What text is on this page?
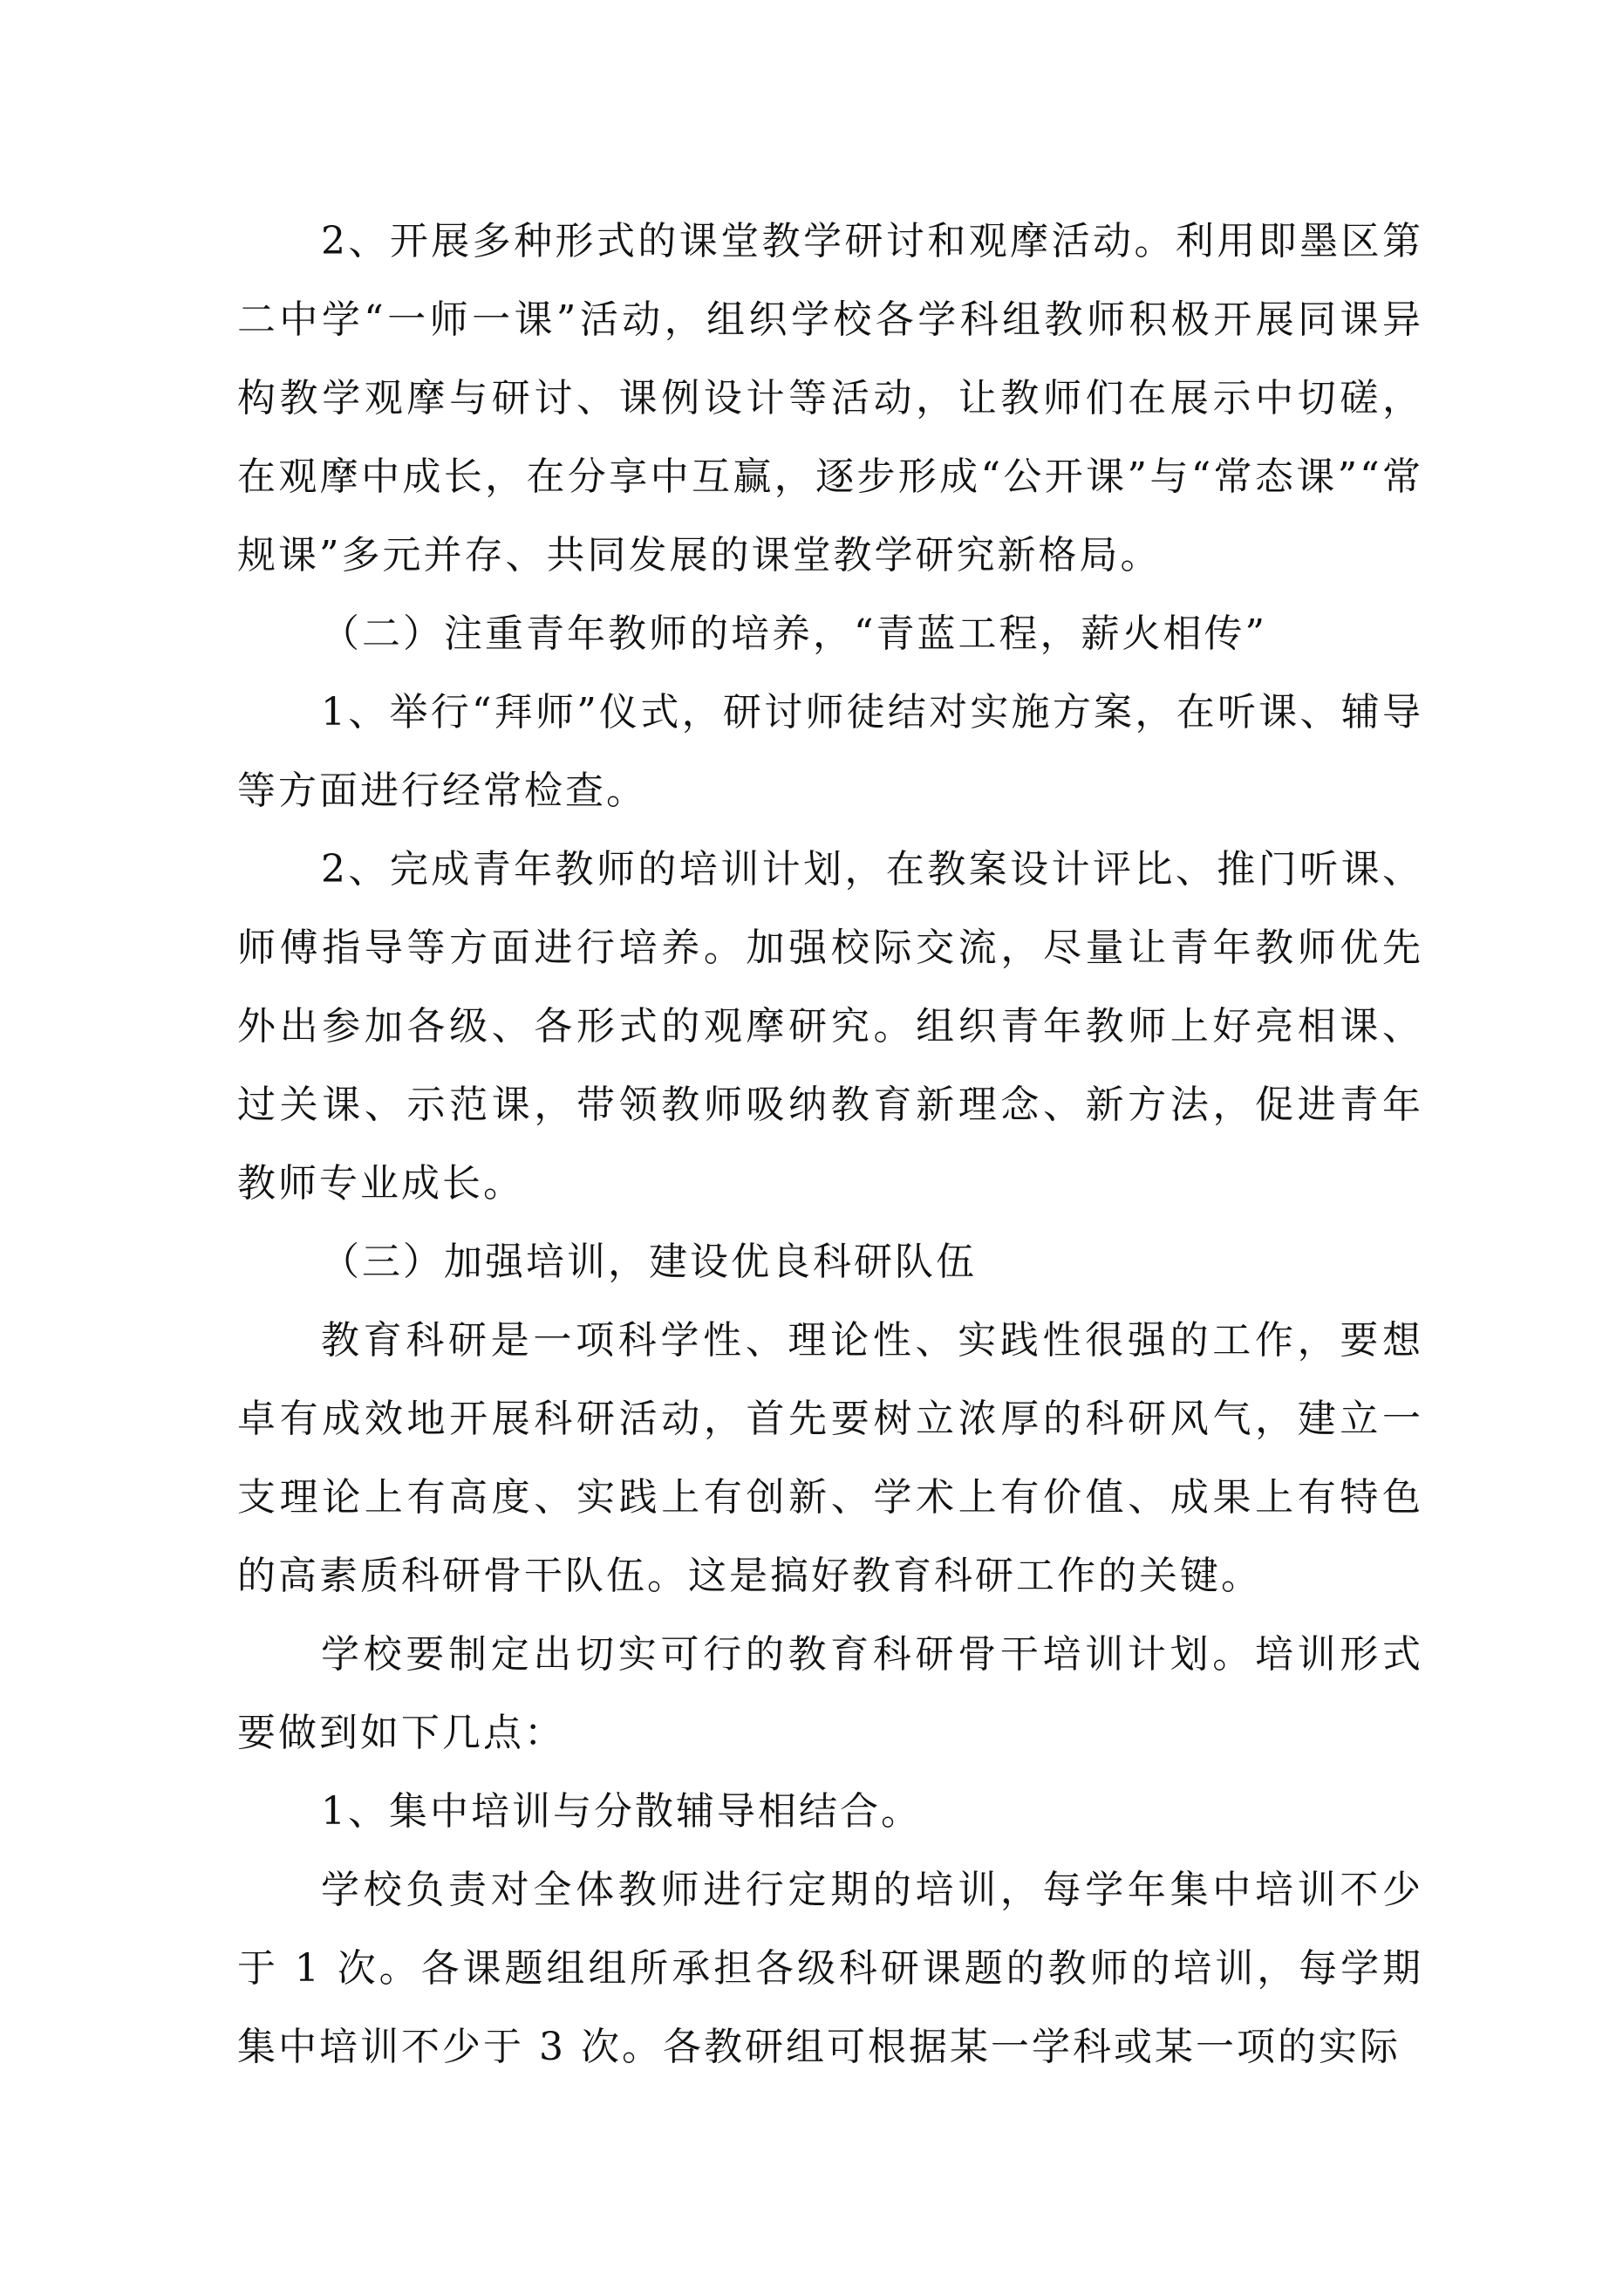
2、开展多种形式的课堂教学研讨和观摩活动。利用即墨区第二中学“一师一课”活动，组织学校各学科组教师积极开展同课异构教学观摩与研讨、课例设计等活动，让教师们在展示中切磋，在观摩中成长，在分享中互赢，逐步形成“公开课”与“常态课”“常规课”多元并存、共同发展的课堂教学研究新格局。

（二）注重青年教师的培养，“青蓝工程，薪火相传”

1、举行“拜师”仪式，研讨师徒结对实施方案，在听课、辅导等方面进行经常检查。

2、完成青年教师的培训计划，在教案设计评比、推门听课、师傅指导等方面进行培养。加强校际交流，尽量让青年教师优先外出参加各级、各形式的观摩研究。组织青年教师上好亮相课、过关课、示范课，带领教师吸纳教育新理念、新方法，促进青年教师专业成长。

（三）加强培训，建设优良科研队伍

教育科研是一项科学性、理论性、实践性很强的工作，要想卓有成效地开展科研活动，首先要树立浓厚的科研风气，建立一支理论上有高度、实践上有创新、学术上有价值、成果上有特色的高素质科研骨干队伍。这是搞好教育科研工作的关键。

学校要制定出切实可行的教育科研骨干培训计划。培训形式要做到如下几点：

1、集中培训与分散辅导相结合。

学校负责对全体教师进行定期的培训，每学年集中培训不少于 1 次。各课题组组所承担各级科研课题的教师的培训，每学期集中培训不少于 3 次。各教研组可根据某一学科或某一项的实际
